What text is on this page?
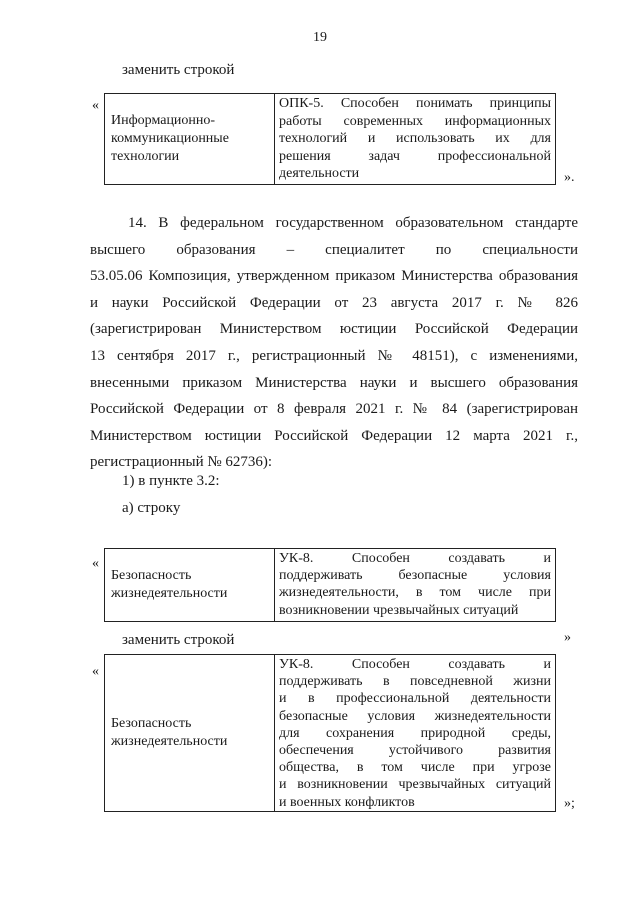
19
заменить строкой
«
Информационно-
коммуникационные
технологии
ОПК-5. Способен понимать принципы
работы современных информационных
технологий и использовать их для
решения задач профессиональной
деятельности	».
14. В федеральном государственном образовательном стандарте
высшего образования – специалитет по специальности
53.05.06 Композиция, утвержденном приказом Министерства образования
и науки Российской Федерации от 23 августа 2017 г. № 826
(зарегистрирован Министерством юстиции Российской Федерации
13 сентября 2017 г., регистрационный № 48151), с изменениями,
внесенными приказом Министерства науки и высшего образования
Российской Федерации от 8 февраля 2021 г. № 84 (зарегистрирован
Министерством юстиции Российской Федерации 12 марта 2021 г.,
регистрационный № 62736):
1) в пункте 3.2:
а) строку
«
Безопасность
жизнедеятельности
УК-8. Способен создавать и
поддерживать безопасные условия
жизнедеятельности, в том числе при
возникновении чрезвычайных ситуаций
»
заменить строкой
«
Безопасность
жизнедеятельности
УК-8. Способен создавать и
поддерживать в повседневной жизни
и в профессиональной деятельности
безопасные условия жизнедеятельности
для сохранения природной среды,
обеспечения устойчивого развития
общества, в том числе при угрозе
и возникновении чрезвычайных ситуаций
и военных конфликтов	»;
